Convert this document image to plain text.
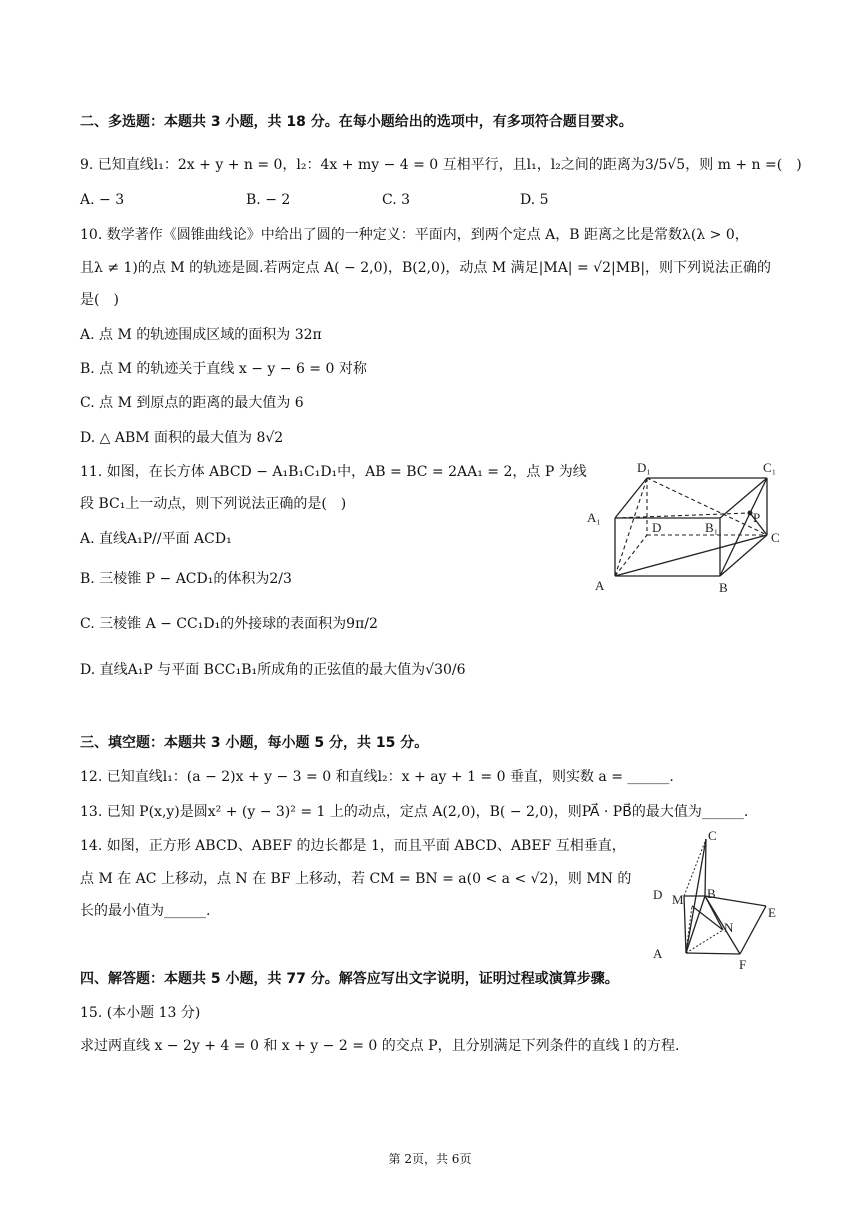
二、多选题：本题共 3 小题，共 18 分。在每小题给出的选项中，有多项符合题目要求。
9. 已知直线l₁：2x + y + n = 0，l₂：4x + my − 4 = 0 互相平行，且l₁，l₂之间的距离为3/5√5，则 m + n =(　)
A. − 3	B. − 2	C. 3	D. 5
10. 数学著作《圆锥曲线论》中给出了圆的一种定义：平面内，到两个定点 A，B 距离之比是常数λ(λ > 0，
且λ ≠ 1)的点 M 的轨迹是圆.若两定点 A( − 2,0)，B(2,0)，动点 M 满足|MA| = √2|MB|，则下列说法正确的
是(　)
A. 点 M 的轨迹围成区域的面积为 32π
B. 点 M 的轨迹关于直线 x − y − 6 = 0 对称
C. 点 M 到原点的距离的最大值为 6
D. △ ABM 面积的最大值为 8√2
11. 如图，在长方体 ABCD − A₁B₁C₁D₁中，AB = BC = 2AA₁ = 2，点 P 为线
段 BC₁上一动点，则下列说法正确的是(　)
A. 直线A₁P//平面 ACD₁
B. 三棱锥 P − ACD₁的体积为2/3
C. 三棱锥 A − CC₁D₁的外接球的表面积为9π/2
D. 直线A₁P 与平面 BCC₁B₁所成角的正弦值的最大值为√30/6
D₁	C₁
A₁
D	B₁
P
C
A	B
三、填空题：本题共 3 小题，每小题 5 分，共 15 分。
12. 已知直线l₁：(a − 2)x + y − 3 = 0 和直线l₂：x + ay + 1 = 0 垂直，则实数 a = ______.
13. 已知 P(x,y)是圆x² + (y − 3)² = 1 上的动点，定点 A(2,0)，B( − 2,0)，则PA⃗ · PB⃗的最大值为______.
14. 如图，正方形 ABCD、ABEF 的边长都是 1，而且平面 ABCD、ABEF 互相垂直，
点 M 在 AC 上移动，点 N 在 BF 上移动，若 CM = BN = a(0 < a < √2)，则 MN 的
长的最小值为______.
C
D M B
E
N
A
F
四、解答题：本题共 5 小题，共 77 分。解答应写出文字说明，证明过程或演算步骤。
15. (本小题 13 分)
求过两直线 x − 2y + 4 = 0 和 x + y − 2 = 0 的交点 P，且分别满足下列条件的直线 l 的方程.
第 2页，共 6页
